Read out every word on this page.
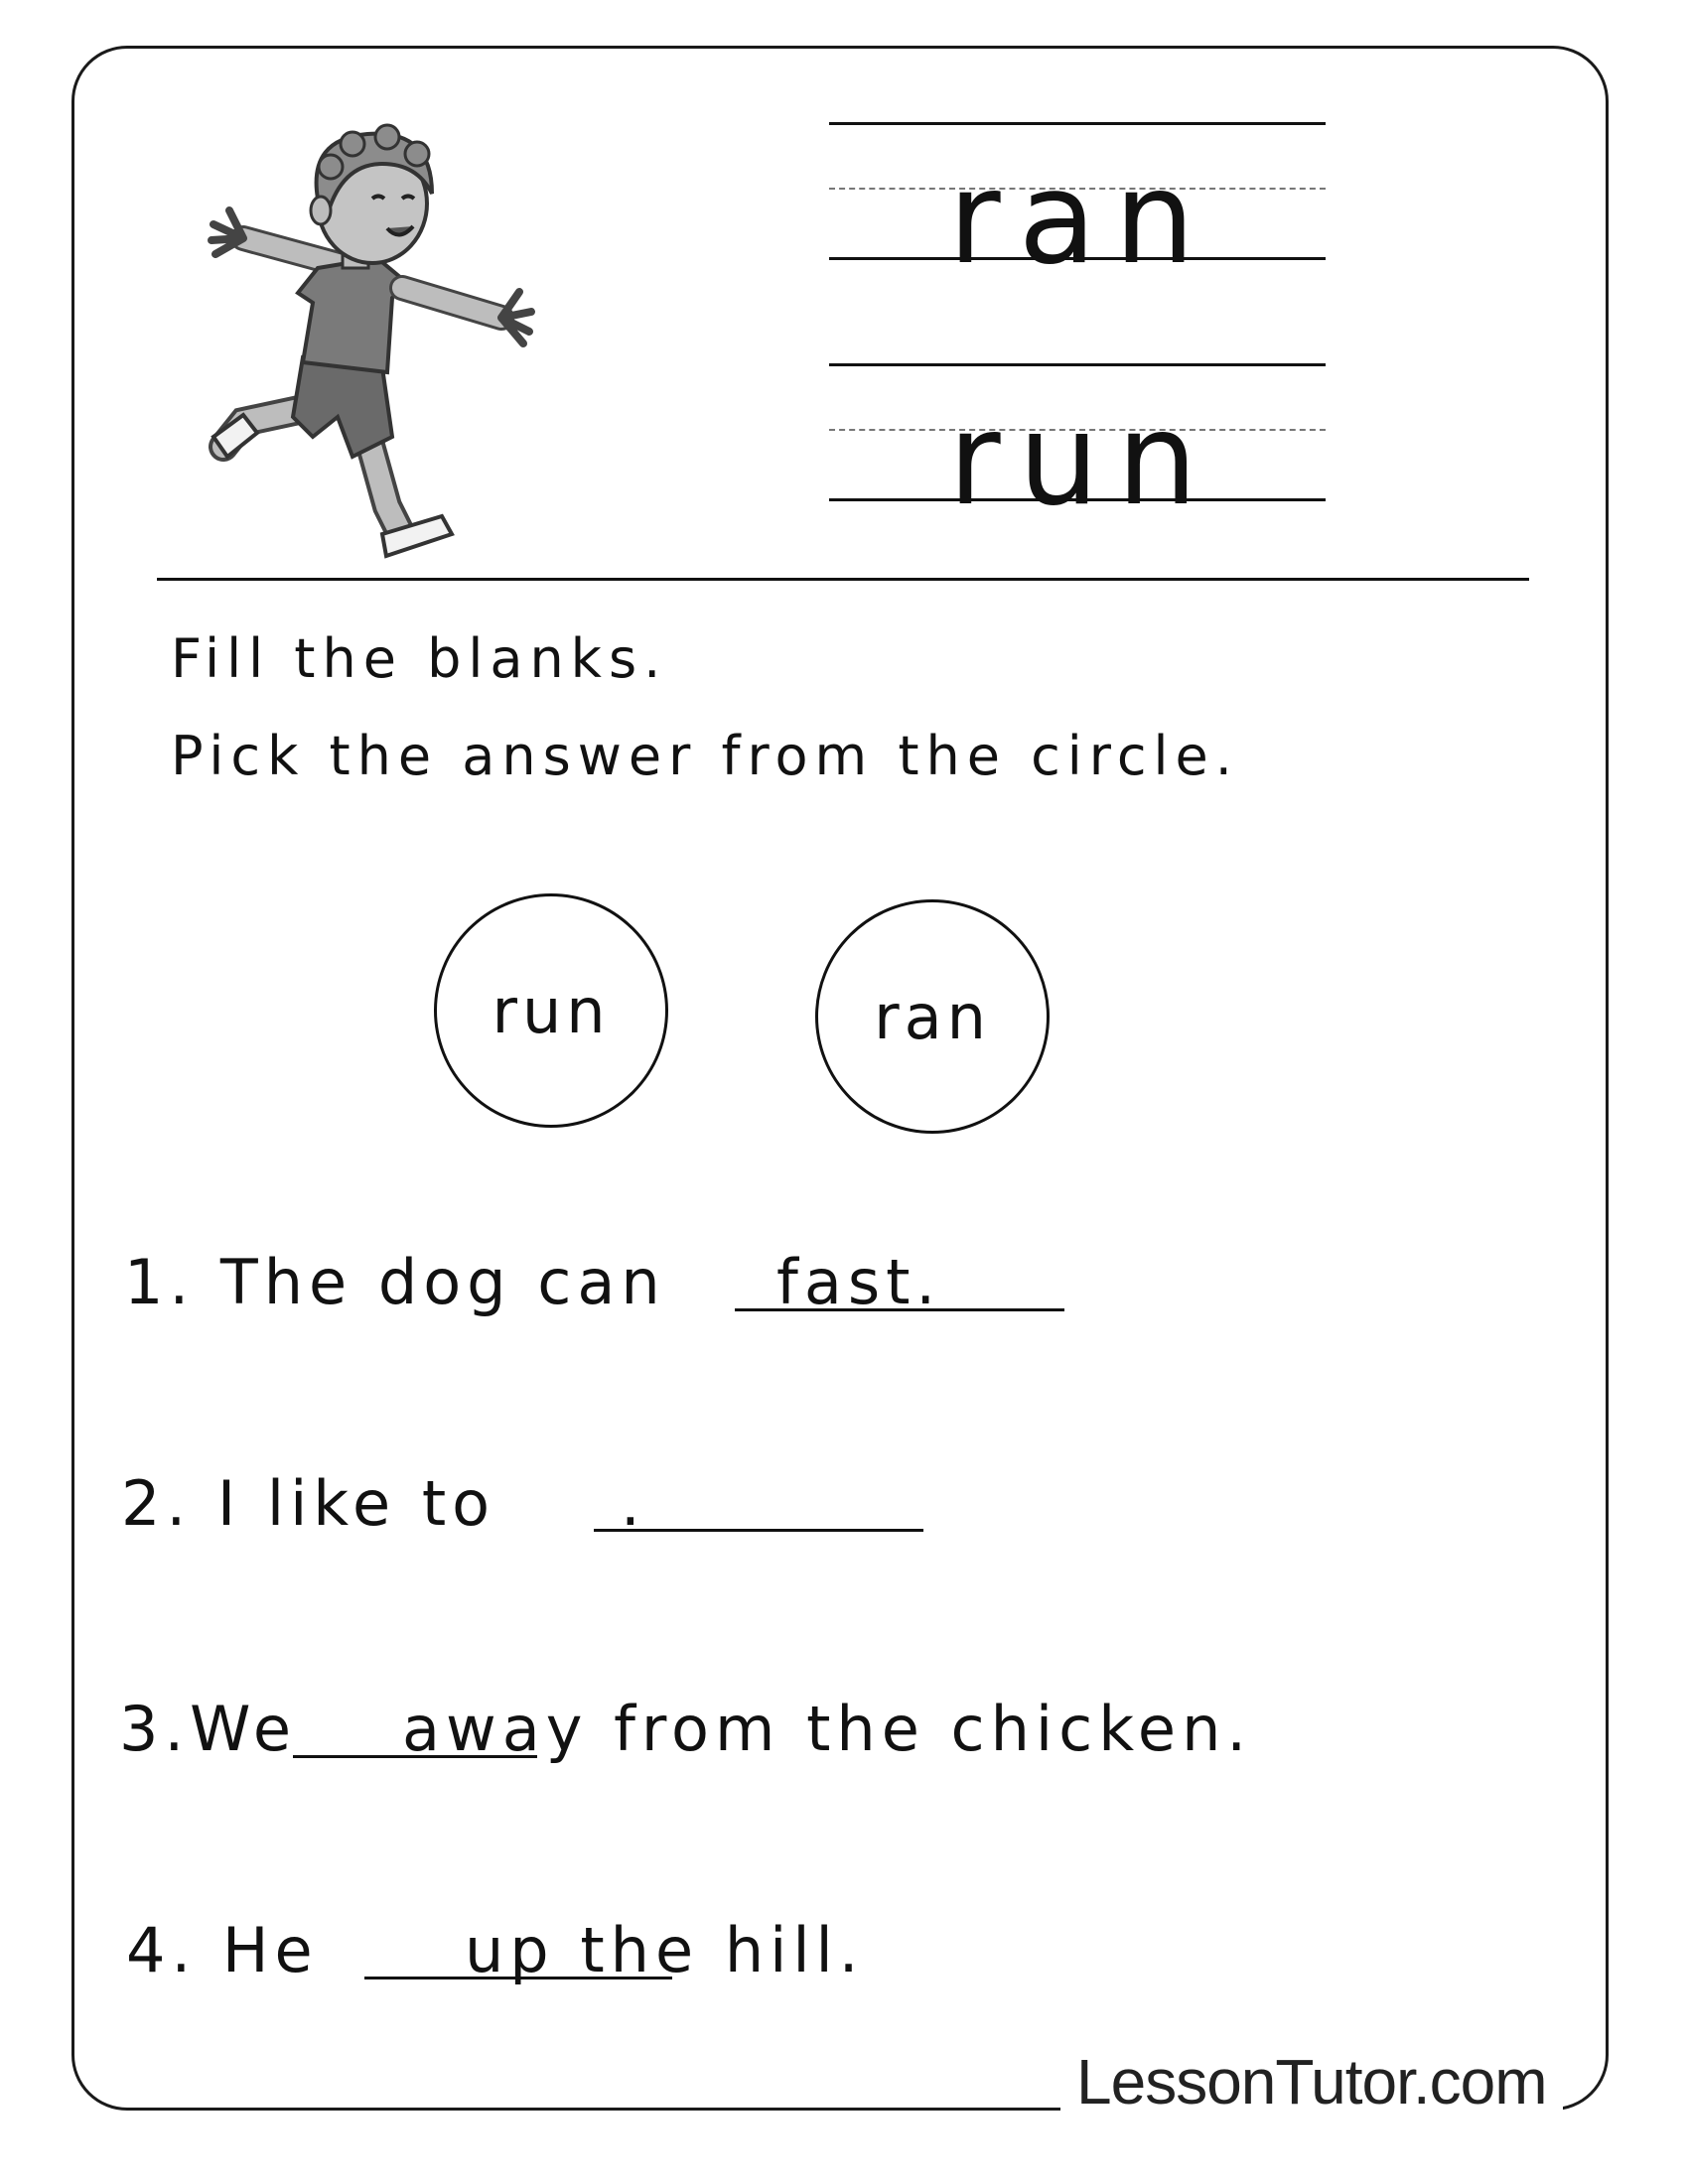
ran
run
Fill the blanks.
Pick the answer from the circle.
run	ran
1. The dog can fast.
2. I like to .
3.We away from the chicken.
4. He up the hill.
LessonTutor.com
